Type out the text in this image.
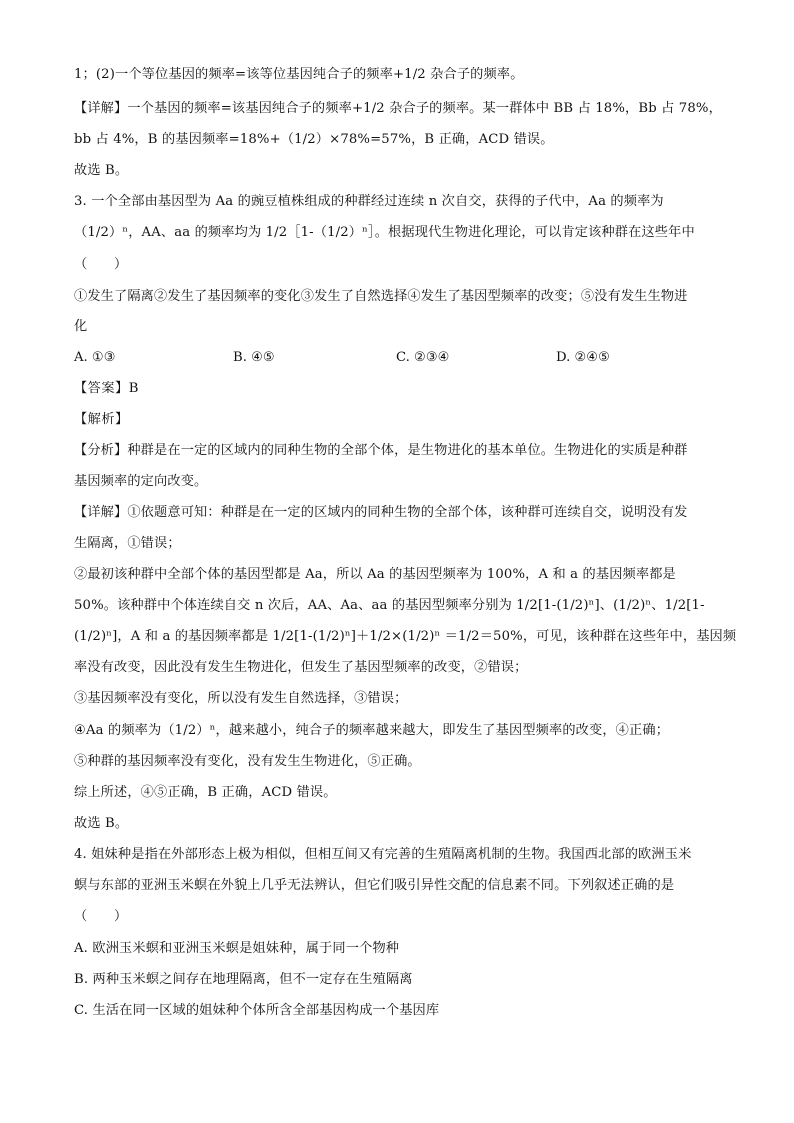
1；(2)一个等位基因的频率=该等位基因纯合子的频率+1/2 杂合子的频率。
【详解】一个基因的频率=该基因纯合子的频率+1/2 杂合子的频率。某一群体中 BB 占 18%，Bb 占 78%，
bb 占 4%，B 的基因频率=18%+（1/2）×78%=57%，B 正确，ACD 错误。
故选 B。
3. 一个全部由基因型为 Aa 的豌豆植株组成的种群经过连续 n 次自交，获得的子代中，Aa 的频率为
（1/2）ⁿ，AA、aa 的频率均为 1/2［1-（1/2）ⁿ］。根据现代生物进化理论，可以肯定该种群在这些年中
（　　）
①发生了隔离②发生了基因频率的变化③发生了自然选择④发生了基因型频率的改变；⑤没有发生生物进
化
A. ①③	B. ④⑤	C. ②③④	D. ②④⑤
【答案】B
【解析】
【分析】种群是在一定的区域内的同种生物的全部个体，是生物进化的基本单位。生物进化的实质是种群
基因频率的定向改变。
【详解】①依题意可知：种群是在一定的区域内的同种生物的全部个体，该种群可连续自交，说明没有发
生隔离，①错误；
②最初该种群中全部个体的基因型都是 Aa，所以 Aa 的基因型频率为 100%，A 和 a 的基因频率都是
50%。该种群中个体连续自交 n 次后，AA、Aa、aa 的基因型频率分别为 1/2[1-(1/2)ⁿ]、(1/2)ⁿ、1/2[1-
(1/2)ⁿ]，A 和 a 的基因频率都是 1/2[1-(1/2)ⁿ]＋1/2×(1/2)ⁿ ＝1/2＝50%，可见，该种群在这些年中，基因频
率没有改变，因此没有发生生物进化，但发生了基因型频率的改变，②错误；
③基因频率没有变化，所以没有发生自然选择，③错误；
④Aa 的频率为（1/2）ⁿ，越来越小，纯合子的频率越来越大，即发生了基因型频率的改变，④正确；
⑤种群的基因频率没有变化，没有发生生物进化，⑤正确。
综上所述，④⑤正确，B 正确，ACD 错误。
故选 B。
4. 姐妹种是指在外部形态上极为相似，但相互间又有完善的生殖隔离机制的生物。我国西北部的欧洲玉米
螟与东部的亚洲玉米螟在外貌上几乎无法辨认，但它们吸引异性交配的信息素不同。下列叙述正确的是
（　　）
A. 欧洲玉米螟和亚洲玉米螟是姐妹种，属于同一个物种
B. 两种玉米螟之间存在地理隔离，但不一定存在生殖隔离
C. 生活在同一区域的姐妹种个体所含全部基因构成一个基因库
